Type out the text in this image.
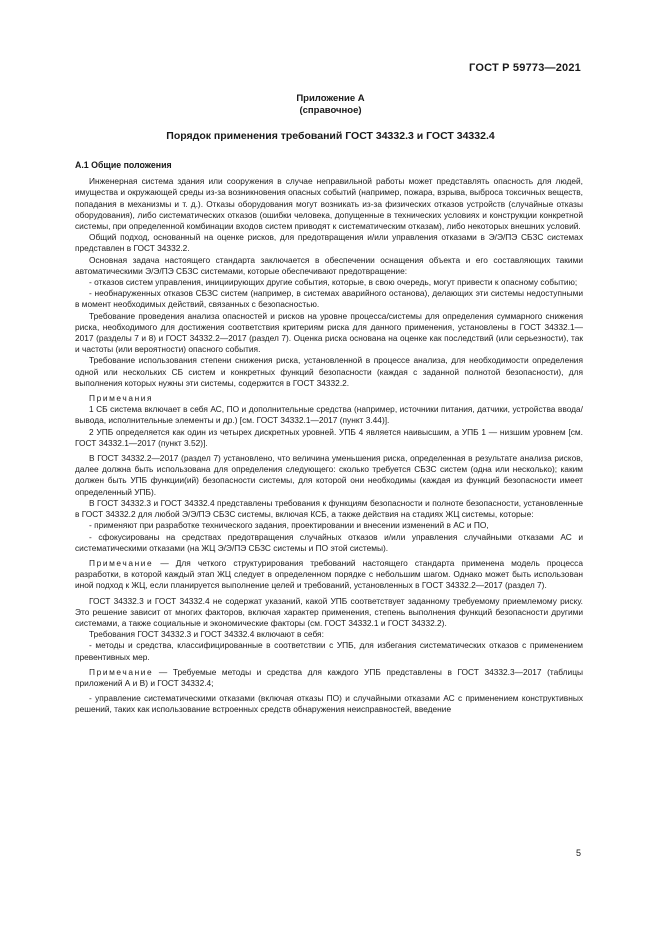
ГОСТ Р 59773—2021
Приложение А
(справочное)
Порядок применения требований ГОСТ 34332.3 и ГОСТ 34332.4
А.1 Общие положения

Инженерная система здания или сооружения в случае неправильной работы может представлять опасность для людей, имущества и окружающей среды из-за возникновения опасных событий (например, пожара, взрыва, выброса токсичных веществ, попадания в механизмы и т. д.). Отказы оборудования могут возникать из-за физических отказов устройств (случайные отказы оборудования), либо систематических отказов (ошибки человека, допущенные в технических условиях и конструкции конкретной системы, при определенной комбинации входов систем приводят к систематическим отказам), либо некоторых внешних условий.

Общий подход, основанный на оценке рисков, для предотвращения и/или управления отказами в Э/Э/ПЭ СБЗС системах представлен в ГОСТ 34332.2.

Основная задача настоящего стандарта заключается в обеспечении оснащения объекта и его составляющих такими автоматическими Э/Э/ПЭ СБЗС системами, которые обеспечивают предотвращение:

- отказов систем управления, инициирующих другие события, которые, в свою очередь, могут привести к опасному событию;

- необнаруженных отказов СБЗС систем (например, в системах аварийного останова), делающих эти системы недоступными в момент необходимых действий, связанных с безопасностью.

Требование проведения анализа опасностей и рисков на уровне процесса/системы для определения суммарного снижения риска, необходимого для достижения соответствия критериям риска для данного применения, установлены в ГОСТ 34332.1—2017 (разделы 7 и 8) и ГОСТ 34332.2—2017 (раздел 7). Оценка риска основана на оценке как последствий (или серьезности), так и частоты (или вероятности) опасного события.

Требование использования степени снижения риска, установленной в процессе анализа, для необходимости определения одной или нескольких СБ систем и конкретных функций безопасности (каждая с заданной полнотой безопасности), для выполнения которых нужны эти системы, содержится в ГОСТ 34332.2.

Примечания

1 СБ система включает в себя АС, ПО и дополнительные средства (например, источники питания, датчики, устройства ввода/вывода, исполнительные элементы и др.) [см. ГОСТ 34332.1—2017 (пункт 3.44)].

2 УПБ определяется как один из четырех дискретных уровней. УПБ 4 является наивысшим, а УПБ 1 — низшим уровнем [см. ГОСТ 34332.1—2017 (пункт 3.52)].

В ГОСТ 34332.2—2017 (раздел 7) установлено, что величина уменьшения риска, определенная в результате анализа рисков, далее должна быть использована для определения следующего: сколько требуется СБЗС систем (одна или несколько); каким должен быть УПБ функции(ий) безопасности системы, для которой они необходимы (каждая из функций безопасности имеет определенный УПБ).

В ГОСТ 34332.3 и ГОСТ 34332.4 представлены требования к функциям безопасности и полноте безопасности, установленные в ГОСТ 34332.2 для любой Э/Э/ПЭ СБЗС системы, включая КСБ, а также действия на стадиях ЖЦ системы, которые:

- применяют при разработке технического задания, проектировании и внесении изменений в АС и ПО,

- сфокусированы на средствах предотвращения случайных отказов и/или управления случайными отказами АС и систематическими отказами (на ЖЦ Э/Э/ПЭ СБЗС системы и ПО этой системы).

Примечание — Для четкого структурирования требований настоящего стандарта применена модель процесса разработки, в которой каждый этап ЖЦ следует в определенном порядке с небольшим шагом. Однако может быть использован иной подход к ЖЦ, если планируется выполнение целей и требований, установленных в ГОСТ 34332.2—2017 (раздел 7).

ГОСТ 34332.3 и ГОСТ 34332.4 не содержат указаний, какой УПБ соответствует заданному требуемому приемлемому риску. Это решение зависит от многих факторов, включая характер применения, степень выполнения функций безопасности другими системами, а также социальные и экономические факторы (см. ГОСТ 34332.1 и ГОСТ 34332.2).

Требования ГОСТ 34332.3 и ГОСТ 34332.4 включают в себя:

- методы и средства, классифицированные в соответствии с УПБ, для избегания систематических отказов с применением превентивных мер.

Примечание — Требуемые методы и средства для каждого УПБ представлены в ГОСТ 34332.3—2017 (таблицы приложений А и В) и ГОСТ 34332.4;

- управление систематическими отказами (включая отказы ПО) и случайными отказами АС с применением конструктивных решений, таких как использование встроенных средств обнаружения неисправностей, введение

5
